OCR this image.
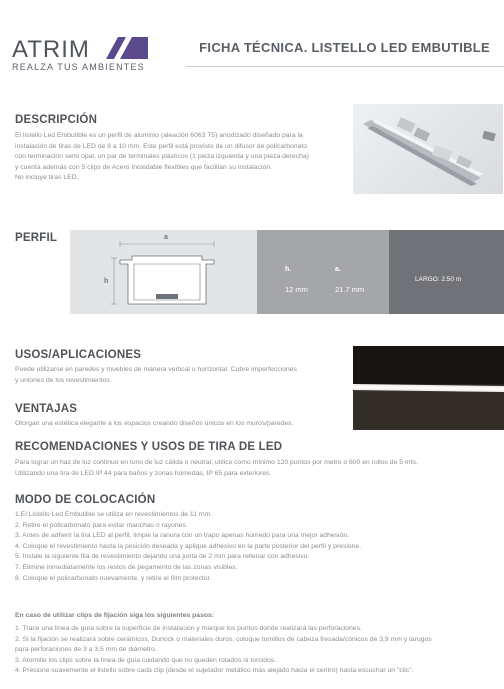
ATRIM
REALZA TUS AMBIENTES
FICHA TÉCNICA. LISTELLO LED EMBUTIBLE
DESCRIPCIÓN
El listello Led Embutible es un perfil de aluminio (aleación 6063 T5) anodizado diseñado para la
instalación de tiras de LED de 8 a 10 mm. Este perfil está provisto de un difusor de policarbonato
con terminación semi opal, un par de terminales plásticos (1 pieza izquierda y una pieza derecha)
y cuenta además con 5 clips de Acero Inoxidable flexibles que facilitan su instalación.
No incluye tiras LED.
PERFIL	a
h
h.
12 mm
a.
21.7 mm
LARGO: 2.50 m
USOS/APLICACIONES
Puede utilizarse en paredes y muebles de manera vertical u horizontal. Cubre imperfecciones
y uniones de los revestimientos.
VENTAJAS
Otorgan una estética elegante a los espacios creando diseños únicos en los muros/paredes.
RECOMENDACIONES Y USOS DE TIRA DE LED
Para lograr un haz de luz continuo en tono de luz cálida o neutral, utilice como mínimo 120 puntos por metro o 600 en rollos de 5 mts.
Utilizando una tira de LED IP 44 para baños y zonas húmedas, IP 65 para exteriores.
MODO DE COLOCACIÓN
1.El Listello Led Embutible se utiliza en revestimientos de 11 mm.
2. Retire el policarbonato para evitar manchas o rayones.
3. Antes de adherir la tira LED al perfil, limpie la ranura con un trapo apenas húmedo para una mejor adhesión.
4. Coloque el revestimiento hasta la posición deseada y aplique adhesivo en la parte posterior del perfil y presione.
5. Instale la siguiente fila de revestimiento dejando una junta de 2 mm para rellenar con adhesivo.
7. Elimine inmediatamente los restos de pegamento de las zonas visibles.
8. Coloque el policarbonato nuevamente, y retire el film protector.
En caso de utilizar clips de fijación siga los siguientes pasos:
1. Trace una línea de guía sobre la superficie de instalación y marque los puntos donde realizará las perforaciones.
2. Si la fijación se realizará sobre cerámicos, Durlock o materiales duros, coloque tornillos de cabeza fresada/cónicos de 3,9 mm y tarugos
para perforaciones de 3 a 3,5 mm de diámetro.
3. Atornille los clips sobre la línea de guía cuidando que no queden rotados ni torcidos.
4. Presione suavemente el listello sobre cada clip (desde el sujetador metálico más alejado hacia el centro) hasta escuchar un "clic".
